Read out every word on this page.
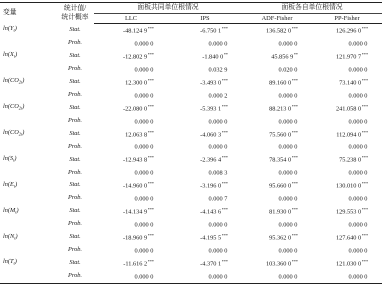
变量	统计值/
统计概率	面板共同单位根情况		面板各自单位根情况	
		LLC	IPS	ADF-Fisher	PP-Fisher
$\ln(Y_t)$	Stat.	-48.124 9***	-6.750 1***	136.582 0***	126.296 0***
	Prob.	0.000 0	0.000 0	0.000 0	0.000 0
$\ln(X_t)$	Stat.	-12.802 9***	-1.840 0**	45.856 9**	121.970 7***
	Prob.	0.000 0	0.032 9	0.020 0	0.000 0
$\ln(CO_{2t})$	Stat.	12.300 0***	-3.493 0***	89.160 0***	73.140 0***
	Prob.	0.000 0	0.000 2	0.000 0	0.000 0
$\ln(CO_{2t})$	Stat.	-22.080 0***	-5.393 1***	88.213 0***	241.058 0***
	Prob.	0.000 0	0.000 0	0.000 0	0.000 0
$\ln(CO_{2t})$	Stat.	12.063 8***	-4.060 3***	75.560 0***	112.094 0***
	Prob.	0.000 0	0.000 0	0.000 0	0.000 0
$\ln(S_t)$	Stat.	-12.943 8***	-2.396 4***	78.354 0***	75.238 0***
	Prob.	0.000 0	0.008 3	0.000 0	0.000 0
$\ln(E_t)$	Stat.	-14.960 0***	-3.196 0***	95.660 0***	130.010 0***
	Prob.	0.000 0	0.000 7	0.000 0	0.000 0
$\ln(M_t)$	Stat.	-14.134 9***	-4.143 6***	81.930 0***	129.553 0***
	Prob.	0.000 0	0.000 0	0.000 0	0.000 0
$\ln(N_t)$	Stat.	-18.960 9***	-4.195 5***	95.362 0***	127.640 0***
	Prob.	0.000 0	0.000 0	0.000 0	0.000 0
$\ln(T_t)$	Stat.	-11.616 2***	-4.370 1***	103.360 0***	121.030 0***
	Prob.	0.000 0	0.000 0	0.000 0	0.000 0
